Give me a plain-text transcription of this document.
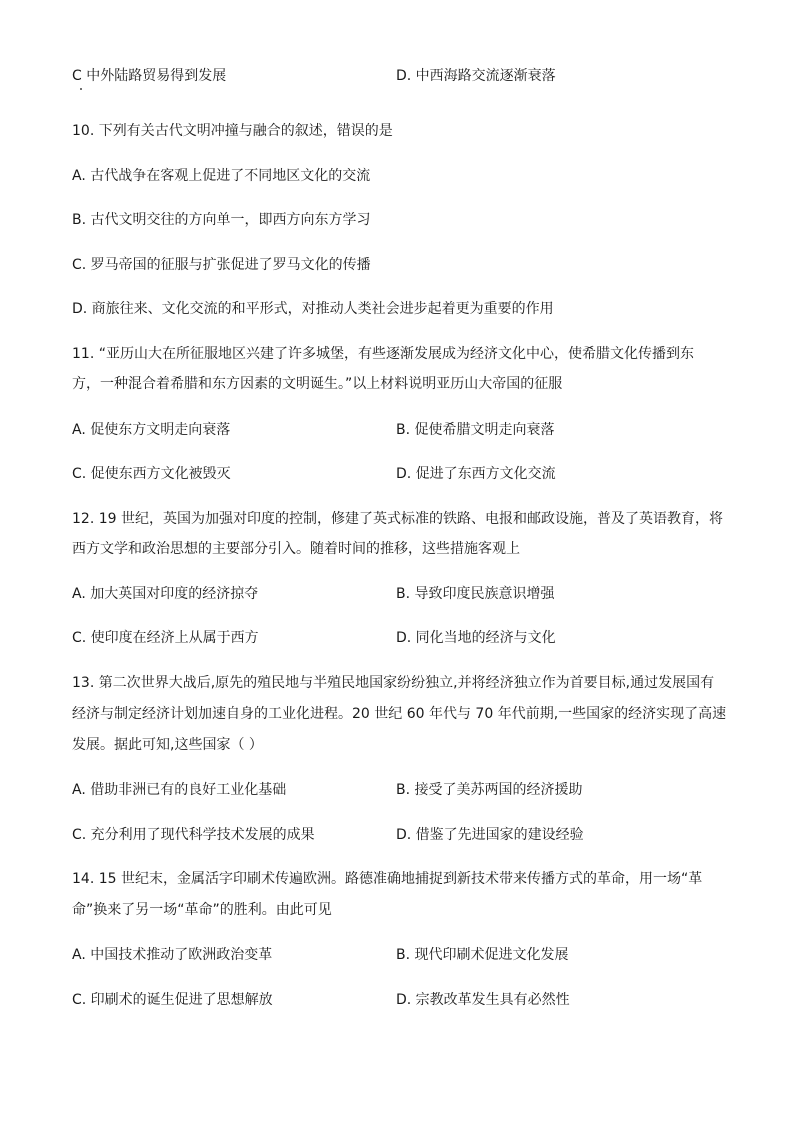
C 中外陆路贸易得到发展	D. 中西海路交流逐渐衰落
10. 下列有关古代文明冲撞与融合的叙述，错误的是
A. 古代战争在客观上促进了不同地区文化的交流
B. 古代文明交往的方向单一，即西方向东方学习
C. 罗马帝国的征服与扩张促进了罗马文化的传播
D. 商旅往来、文化交流的和平形式，对推动人类社会进步起着更为重要的作用
11. “亚历山大在所征服地区兴建了许多城堡，有些逐渐发展成为经济文化中心，使希腊文化传播到东
方，一种混合着希腊和东方因素的文明诞生。”以上材料说明亚历山大帝国的征服
A. 促使东方文明走向衰落	B. 促使希腊文明走向衰落
C. 促使东西方文化被毁灭	D. 促进了东西方文化交流
12. 19 世纪，英国为加强对印度的控制，修建了英式标准的铁路、电报和邮政设施，普及了英语教育，将
西方文学和政治思想的主要部分引入。随着时间的推移，这些措施客观上
A. 加大英国对印度的经济掠夺	B. 导致印度民族意识增强
C. 使印度在经济上从属于西方	D. 同化当地的经济与文化
13. 第二次世界大战后,原先的殖民地与半殖民地国家纷纷独立,并将经济独立作为首要目标,通过发展国有
经济与制定经济计划加速自身的工业化进程。20 世纪 60 年代与 70 年代前期,一些国家的经济实现了高速
发展。据此可知,这些国家（ ）
A. 借助非洲已有的良好工业化基础	B. 接受了美苏两国的经济援助
C. 充分利用了现代科学技术发展的成果	D. 借鉴了先进国家的建设经验
14. 15 世纪末，金属活字印刷术传遍欧洲。路德准确地捕捉到新技术带来传播方式的革命，用一场“革
命”换来了另一场“革命”的胜利。由此可见
A. 中国技术推动了欧洲政治变革	B. 现代印刷术促进文化发展
C. 印刷术的诞生促进了思想解放	D. 宗教改革发生具有必然性
